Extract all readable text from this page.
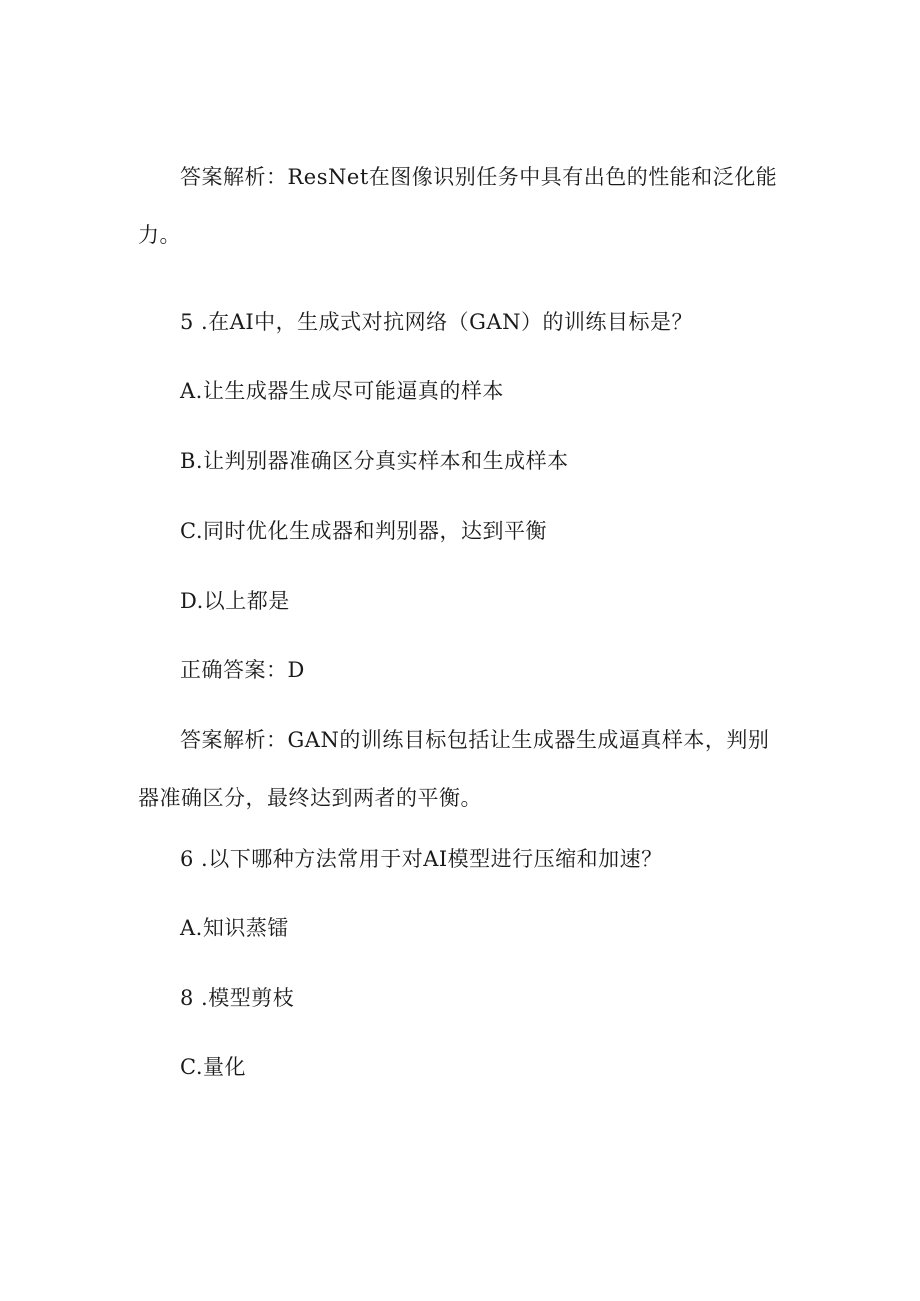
答案解析：ResNet在图像识别任务中具有出色的性能和泛化能力。

5 .在AI中，生成式对抗网络（GAN）的训练目标是？

A.让生成器生成尽可能逼真的样本

B.让判别器准确区分真实样本和生成样本

C.同时优化生成器和判别器，达到平衡

D.以上都是

正确答案：D

答案解析：GAN的训练目标包括让生成器生成逼真样本，判别器准确区分，最终达到两者的平衡。

6 .以下哪种方法常用于对AI模型进行压缩和加速？

A.知识蒸镭

8 .模型剪枝

C.量化
